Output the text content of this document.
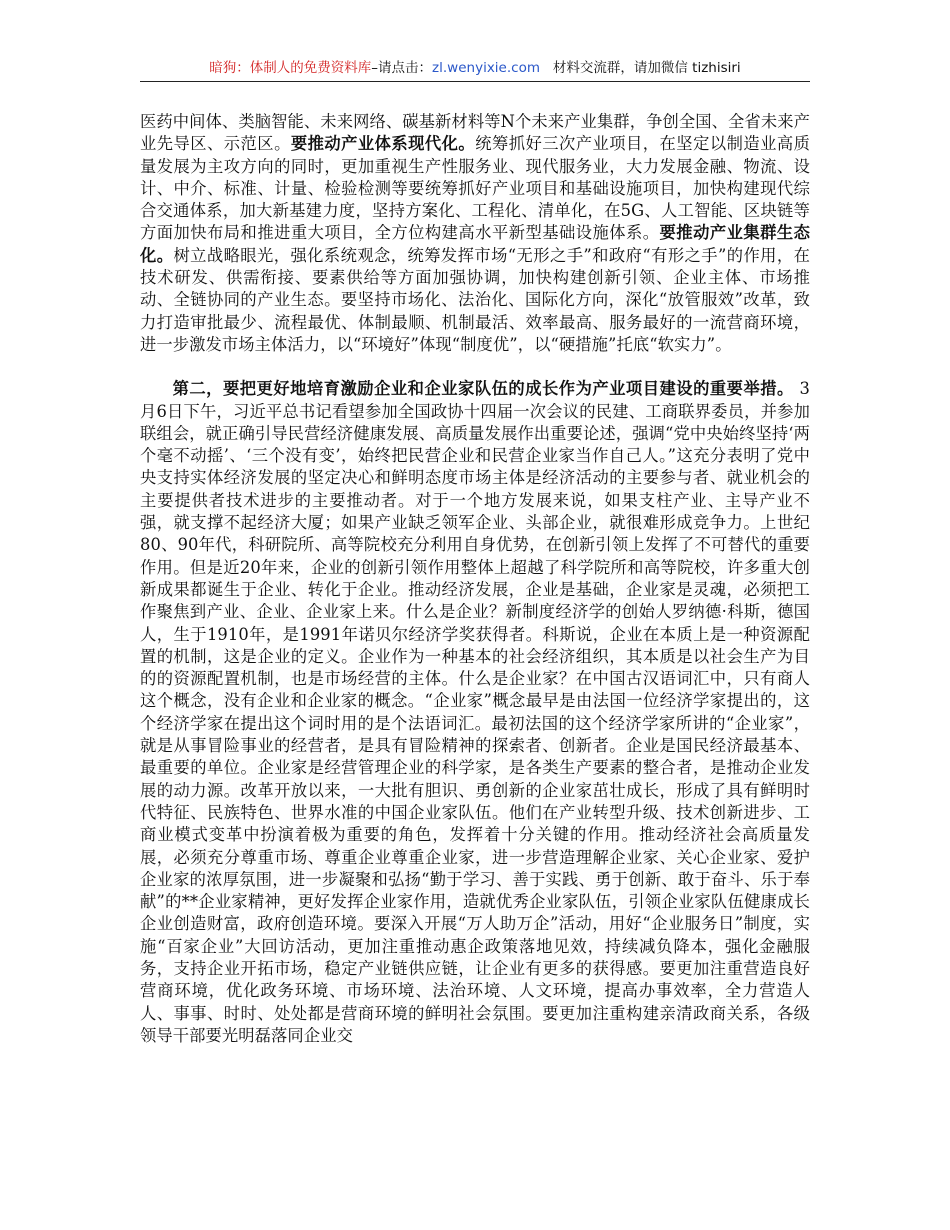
暗狗：体制人的免费资料库–请点击：zl.wenyixie.com 材料交流群，请加微信 tizhisiri

医药中间体、类脑智能、未来网络、碳基新材料等N个未来产业集群，争创全国、全省未来产业先导区、示范区。要推动产业体系现代化。统筹抓好三次产业项目，在坚定以制造业高质量发展为主攻方向的同时，更加重视生产性服务业、现代服务业，大力发展金融、物流、设计、中介、标准、计量、检验检测等要统筹抓好产业项目和基础设施项目，加快构建现代综合交通体系，加大新基建力度，坚持方案化、工程化、清单化，在5G、人工智能、区块链等方面加快布局和推进重大项目，全方位构建高水平新型基础设施体系。要推动产业集群生态化。树立战略眼光，强化系统观念，统筹发挥市场“无形之手”和政府“有形之手”的作用，在技术研发、供需衔接、要素供给等方面加强协调，加快构建创新引领、企业主体、市场推动、全链协同的产业生态。要坚持市场化、法治化、国际化方向，深化“放管服效”改革，致力打造审批最少、流程最优、体制最顺、机制最活、效率最高、服务最好的一流营商环境，进一步激发市场主体活力，以“环境好”体现“制度优”，以“硬措施”托底“软实力”。

第二，要把更好地培育激励企业和企业家队伍的成长作为产业项目建设的重要举措。 3月6日下午，习近平总书记看望参加全国政协十四届一次会议的民建、工商联界委员，并参加联组会，就正确引导民营经济健康发展、高质量发展作出重要论述，强调“党中央始终坚持‘两个毫不动摇’、‘三个没有变’，始终把民营企业和民营企业家当作自己人。”这充分表明了党中央支持实体经济发展的坚定决心和鲜明态度市场主体是经济活动的主要参与者、就业机会的主要提供者技术进步的主要推动者。对于一个地方发展来说，如果支柱产业、主导产业不强，就支撑不起经济大厦；如果产业缺乏领军企业、头部企业，就很难形成竞争力。上世纪80、90年代，科研院所、高等院校充分利用自身优势，在创新引领上发挥了不可替代的重要作用。但是近20年来，企业的创新引领作用整体上超越了科学院所和高等院校，许多重大创新成果都诞生于企业、转化于企业。推动经济发展，企业是基础，企业家是灵魂，必须把工作聚焦到产业、企业、企业家上来。什么是企业？新制度经济学的创始人罗纳德·科斯，德国人，生于1910年，是1991年诺贝尔经济学奖获得者。科斯说，企业在本质上是一种资源配置的机制，这是企业的定义。企业作为一种基本的社会经济组织，其本质是以社会生产为目的的资源配置机制，也是市场经营的主体。什么是企业家？在中国古汉语词汇中，只有商人这个概念，没有企业和企业家的概念。“企业家”概念最早是由法国一位经济学家提出的，这个经济学家在提出这个词时用的是个法语词汇。最初法国的这个经济学家所讲的“企业家”，就是从事冒险事业的经营者，是具有冒险精神的探索者、创新者。企业是国民经济最基本、最重要的单位。企业家是经营管理企业的科学家，是各类生产要素的整合者，是推动企业发展的动力源。改革开放以来，一大批有胆识、勇创新的企业家茁壮成长，形成了具有鲜明时代特征、民族特色、世界水准的中国企业家队伍。他们在产业转型升级、技术创新进步、工商业模式变革中扮演着极为重要的角色，发挥着十分关键的作用。推动经济社会高质量发展，必须充分尊重市场、尊重企业尊重企业家，进一步营造理解企业家、关心企业家、爱护企业家的浓厚氛围，进一步凝聚和弘扬“勤于学习、善于实践、勇于创新、敢于奋斗、乐于奉献”的**企业家精神，更好发挥企业家作用，造就优秀企业家队伍，引领企业家队伍健康成长企业创造财富，政府创造环境。要深入开展“万人助万企”活动，用好“企业服务日”制度，实施“百家企业”大回访活动，更加注重推动惠企政策落地见效，持续减负降本，强化金融服务，支持企业开拓市场，稳定产业链供应链，让企业有更多的获得感。要更加注重营造良好营商环境，优化政务环境、市场环境、法治环境、人文环境，提高办事效率，全力营造人人、事事、时时、处处都是营商环境的鲜明社会氛围。要更加注重构建亲清政商关系，各级领导干部要光明磊落同企业交
